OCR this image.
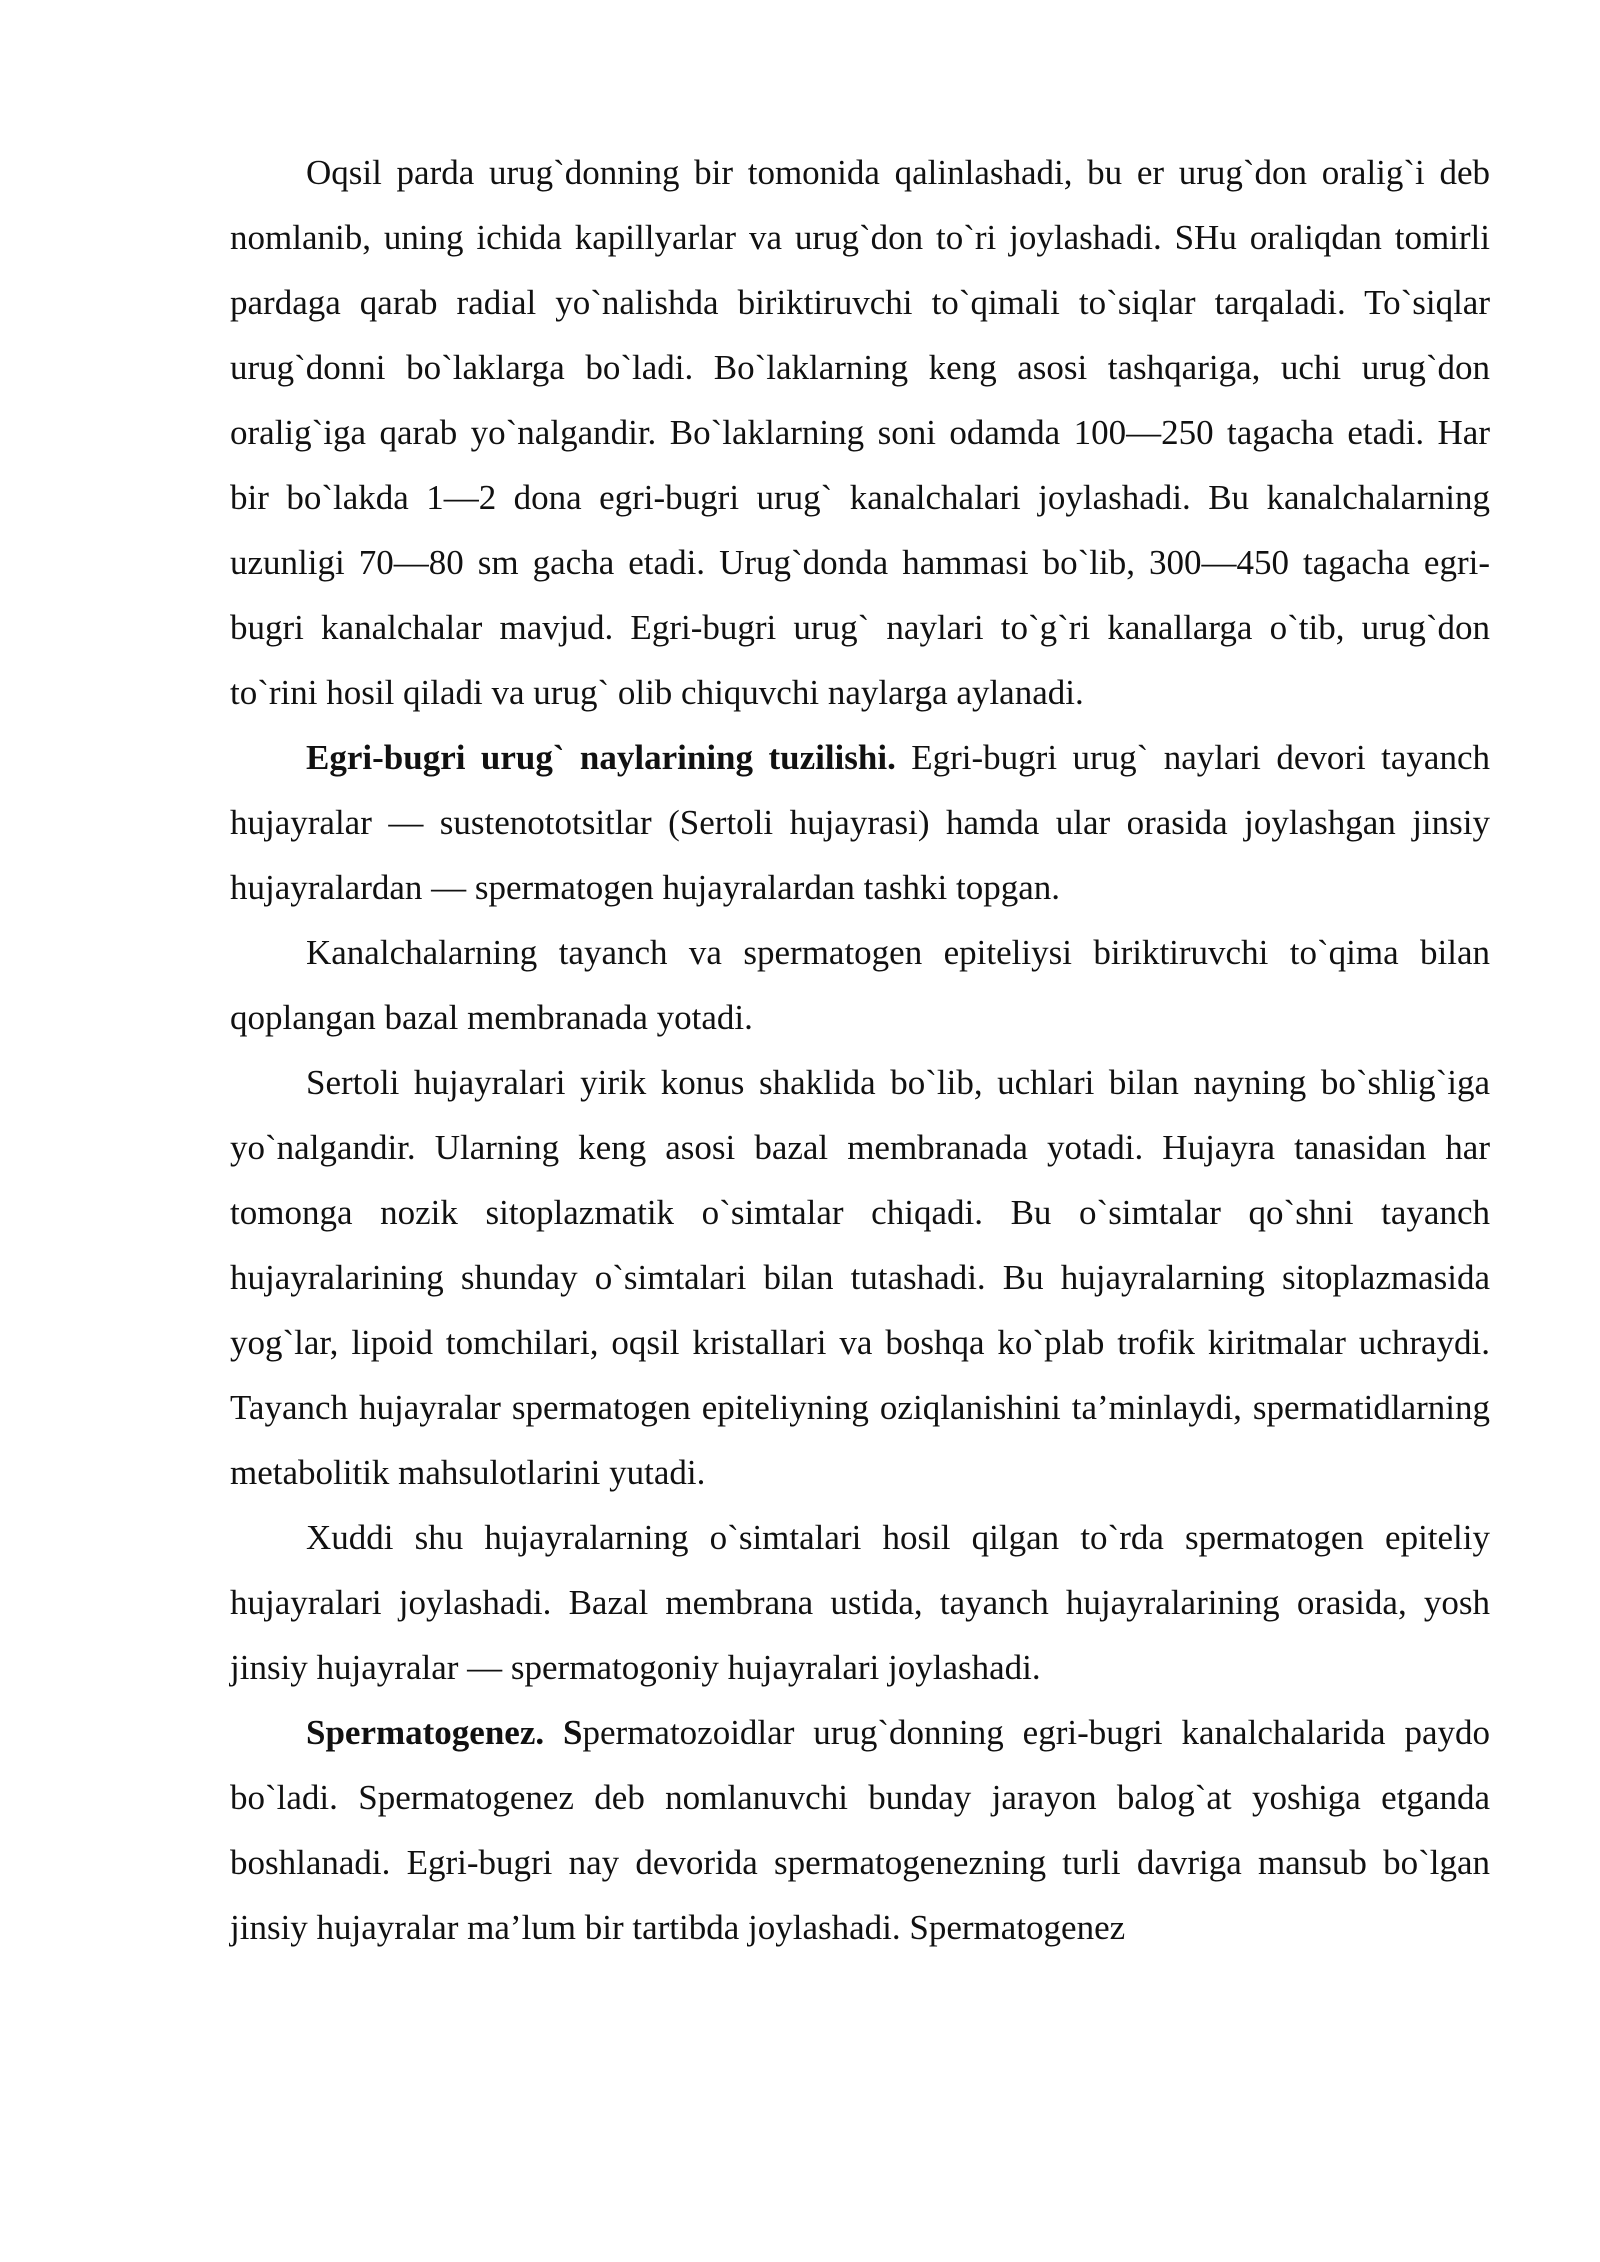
Oqsil parda urug`donning bir tomonida qalinlashadi, bu er urug`don oralig`i deb nomlanib, uning ichida kapillyarlar va urug`don to`ri joylashadi. SHu oraliqdan tomirli pardaga qarab radial yo`nalishda biriktiruvchi to`qimali to`siqlar tarqaladi. To`siqlar urug`donni bo`laklarga bo`ladi. Bo`laklarning keng asosi tashqariga, uchi urug`don oralig`iga qarab yo`nalgandir. Bo`laklarning soni odamda 100—250 tagacha etadi. Har bir bo`lakda 1—2 dona egri-bugri urug` kanalchalari joylashadi. Bu kanalchalarning uzunligi 70—80 sm gacha etadi. Urug`donda hammasi bo`lib, 300—450 tagacha egri-bugri kanalchalar mavjud. Egri-bugri urug` naylari to`g`ri kanallarga o`tib, urug`don to`rini hosil qiladi va urug` olib chiquvchi naylarga aylanadi.

Egri-bugri urug` naylarining tuzilishi. Egri-bugri urug` naylari devori tayanch hujayralar — sustenototsitlar (Sertoli hujayrasi) hamda ular orasida joylashgan jinsiy hujayralardan — spermatogen hujayralardan tashki topgan.

Kanalchalarning tayanch va spermatogen epiteliysi biriktiruvchi to`qima bilan qoplangan bazal membranada yotadi.

Sertoli hujayralari yirik konus shaklida bo`lib, uchlari bilan nayning bo`shlig`iga yo`nalgandir. Ularning keng asosi bazal membranada yotadi. Hujayra tanasidan har tomonga nozik sitoplazmatik o`simtalar chiqadi. Bu o`simtalar qo`shni tayanch hujayralarining shunday o`simtalari bilan tutashadi. Bu hujayralarning sitoplazmasida yog`lar, lipoid tomchilari, oqsil kristallari va boshqa ko`plab trofik kiritmalar uchraydi. Tayanch hujayralar spermatogen epiteliyning oziqlanishini ta’minlaydi, spermatidlarning metabolitik mahsulotlarini yutadi.

Xuddi shu hujayralarning o`simtalari hosil qilgan to`rda spermatogen epiteliy hujayralari joylashadi. Bazal membrana ustida, tayanch hujayralarining orasida, yosh jinsiy hujayralar — spermatogoniy hujayralari joylashadi.

Spermatogenez. Spermatozoidlar urug`donning egri-bugri kanalchalarida paydo bo`ladi. Spermatogenez deb nomlanuvchi bunday jarayon balog`at yoshiga etganda boshlanadi. Egri-bugri nay devorida spermatogenezning turli davriga mansub bo`lgan jinsiy hujayralar ma’lum bir tartibda joylashadi. Spermatogenez
